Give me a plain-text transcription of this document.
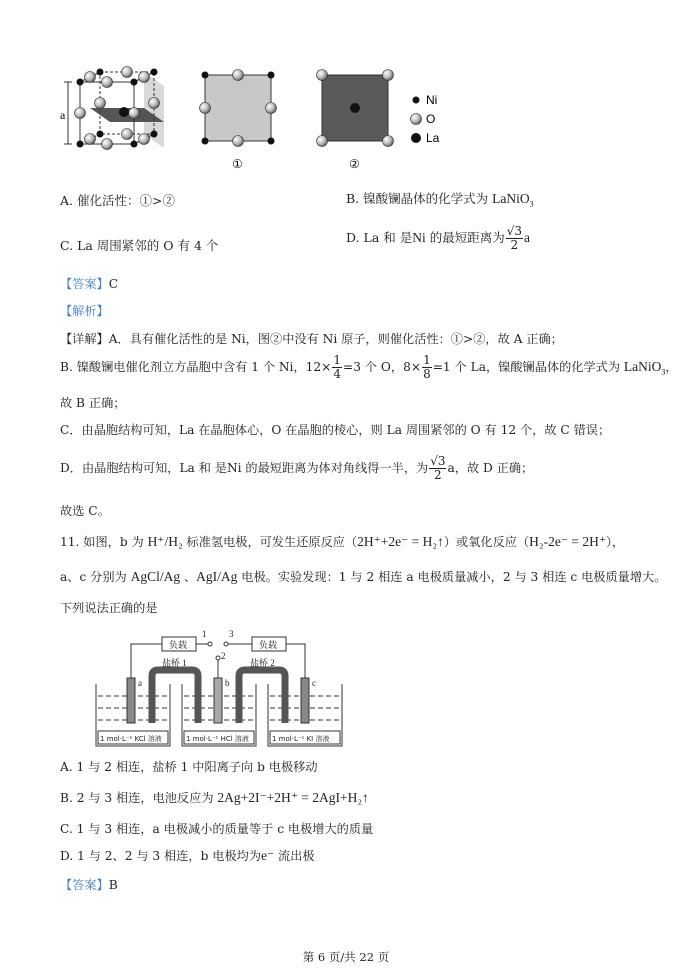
a
①	②
Ni
O
La
A. 催化活性：①>②	B. 镍酸镧晶体的化学式为 LaNiO$_3$
C. La 周围紧邻的 O 有 4 个
D. La 和 是Ni 的最短距离为 $\frac{√3}{2}$ a
【答案】C
【解析】
【详解】A．具有催化活性的是 Ni，图②中没有 Ni 原子，则催化活性：①>②，故 A 正确；
B. 镍酸镧电催化剂立方晶胞中含有 1 个 Ni，$12\times \frac{1}{4} =3$ 个 O，$8\times \frac{1}{8} =1$ 个 La，镍酸镧晶体的化学式为 LaNiO$_3$，
故 B 正确；
C．由晶胞结构可知，La 在晶胞体心，O 在晶胞的棱心，则 La 周围紧邻的 O 有 12 个，故 C 错误；
D．由晶胞结构可知，La 和 是Ni 的最短距离为体对角线得一半，为 $\frac{√3}{2}$ a，故 D 正确；
故选 C。
11. 如图，b 为 H⁺/H₂ 标准氢电极，可发生还原反应（2H⁺+2e⁻ = H₂↑）或氧化反应（H₂-2e⁻ = 2H⁺），
a、c 分别为 AgCl/Ag 、AgI/Ag 电极。实验发现：1 与 2 相连 a 电极质量减小，2 与 3 相连 c 电极质量增大。
下列说法正确的是
负载	负载
1	3
2
盐桥 1	盐桥 2
a	b	c
1 mol·L⁻¹ KCl 溶液	1 mol·L⁻¹ HCl 溶液	1 mol·L⁻¹ KI 溶液
A. 1 与 2 相连，盐桥 1 中阳离子向 b 电极移动
B. 2 与 3 相连，电池反应为 2Ag+2I⁻+2H⁺ = 2AgI+H₂↑
C. 1 与 3 相连，a 电极减小的质量等于 c 电极增大的质量
D. 1 与 2、2 与 3 相连，b 电极均为e⁻ 流出极
【答案】B
第 6 页/共 22 页
